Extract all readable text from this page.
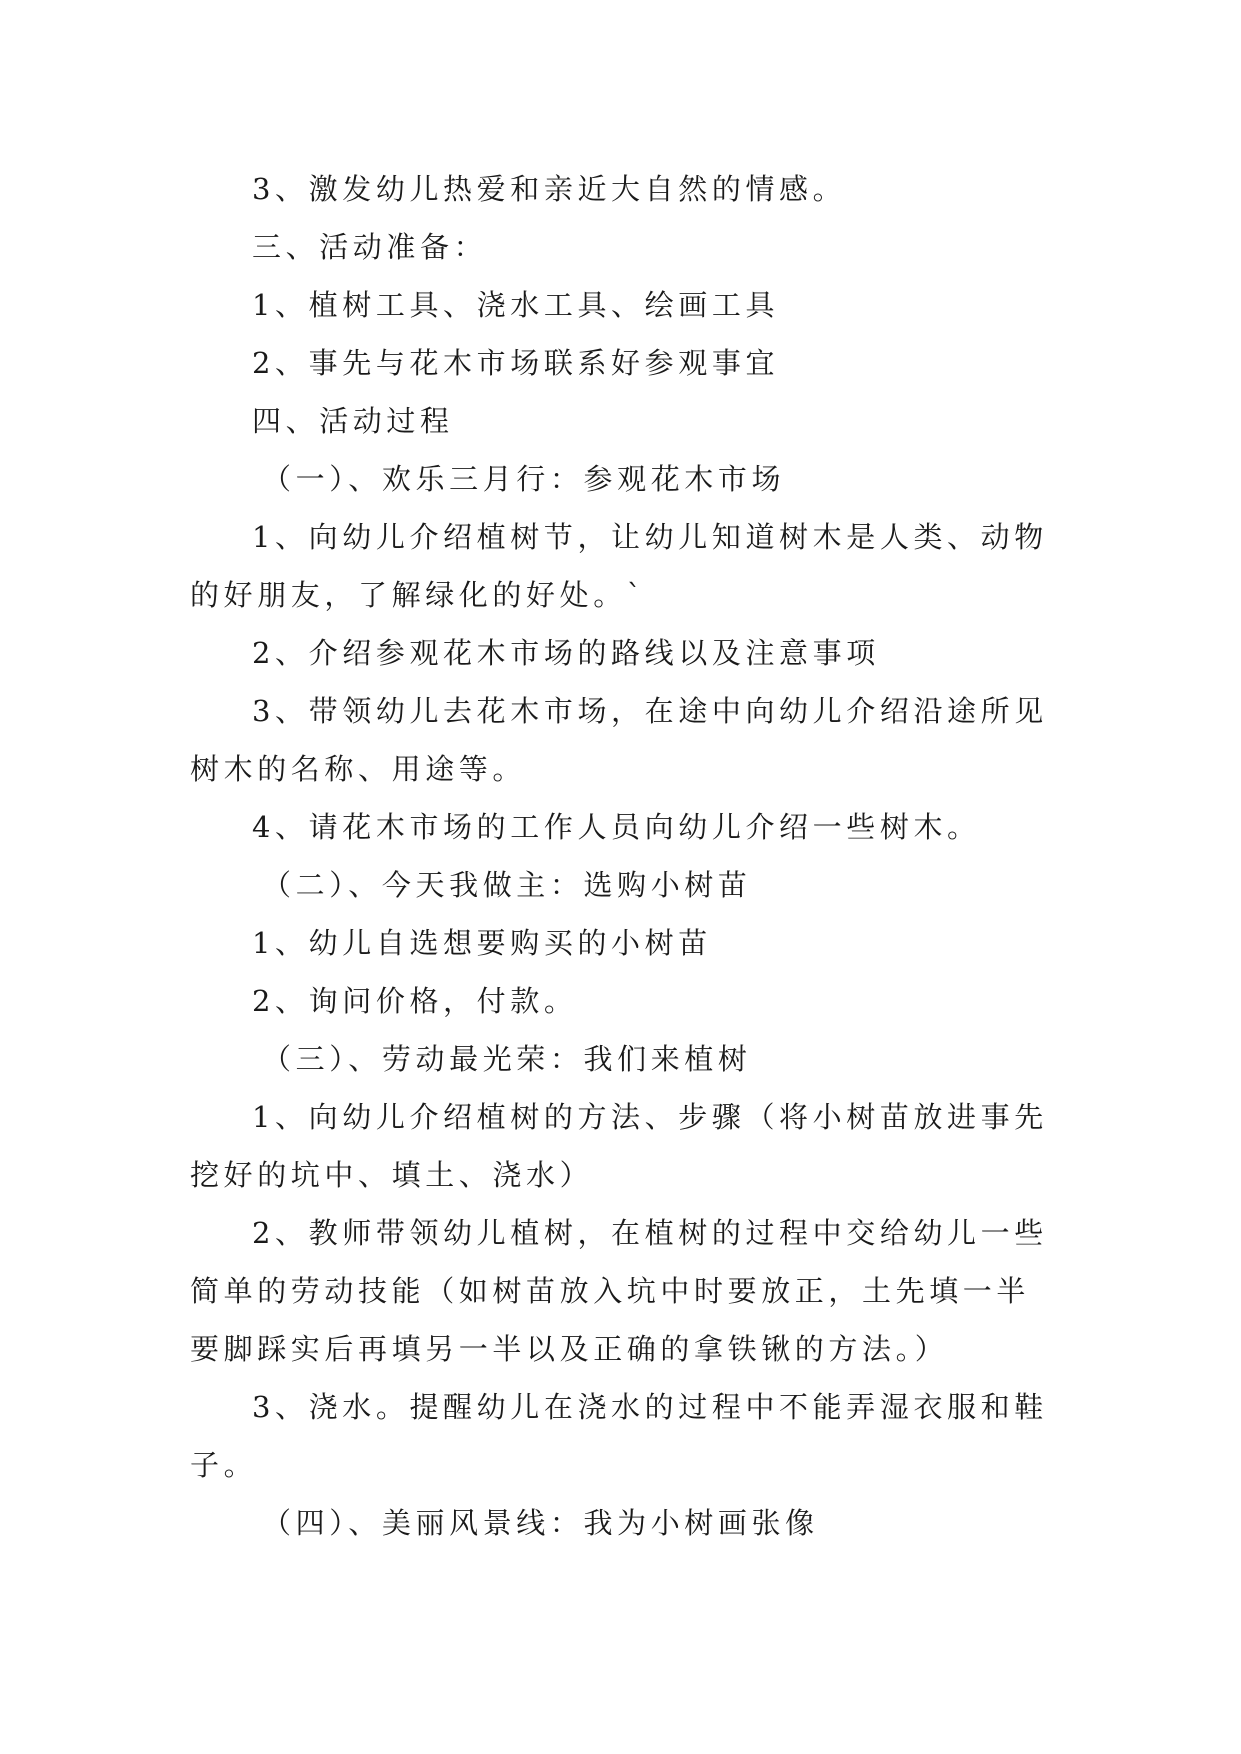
3、激发幼儿热爱和亲近大自然的情感。

三、活动准备：

1、植树工具、浇水工具、绘画工具

2、事先与花木市场联系好参观事宜

四、活动过程

（一）、欢乐三月行：参观花木市场

1、向幼儿介绍植树节，让幼儿知道树木是人类、动物的好朋友，了解绿化的好处。`

2、介绍参观花木市场的路线以及注意事项

3、带领幼儿去花木市场，在途中向幼儿介绍沿途所见树木的名称、用途等。

4、请花木市场的工作人员向幼儿介绍一些树木。

（二）、今天我做主：选购小树苗

1、幼儿自选想要购买的小树苗

2、询问价格，付款。

（三）、劳动最光荣：我们来植树

1、向幼儿介绍植树的方法、步骤（将小树苗放进事先挖好的坑中、填土、浇水）

2、教师带领幼儿植树，在植树的过程中交给幼儿一些简单的劳动技能（如树苗放入坑中时要放正，土先填一半要脚踩实后再填另一半以及正确的拿铁锹的方法。）

3、浇水。提醒幼儿在浇水的过程中不能弄湿衣服和鞋子。

（四）、美丽风景线：我为小树画张像
